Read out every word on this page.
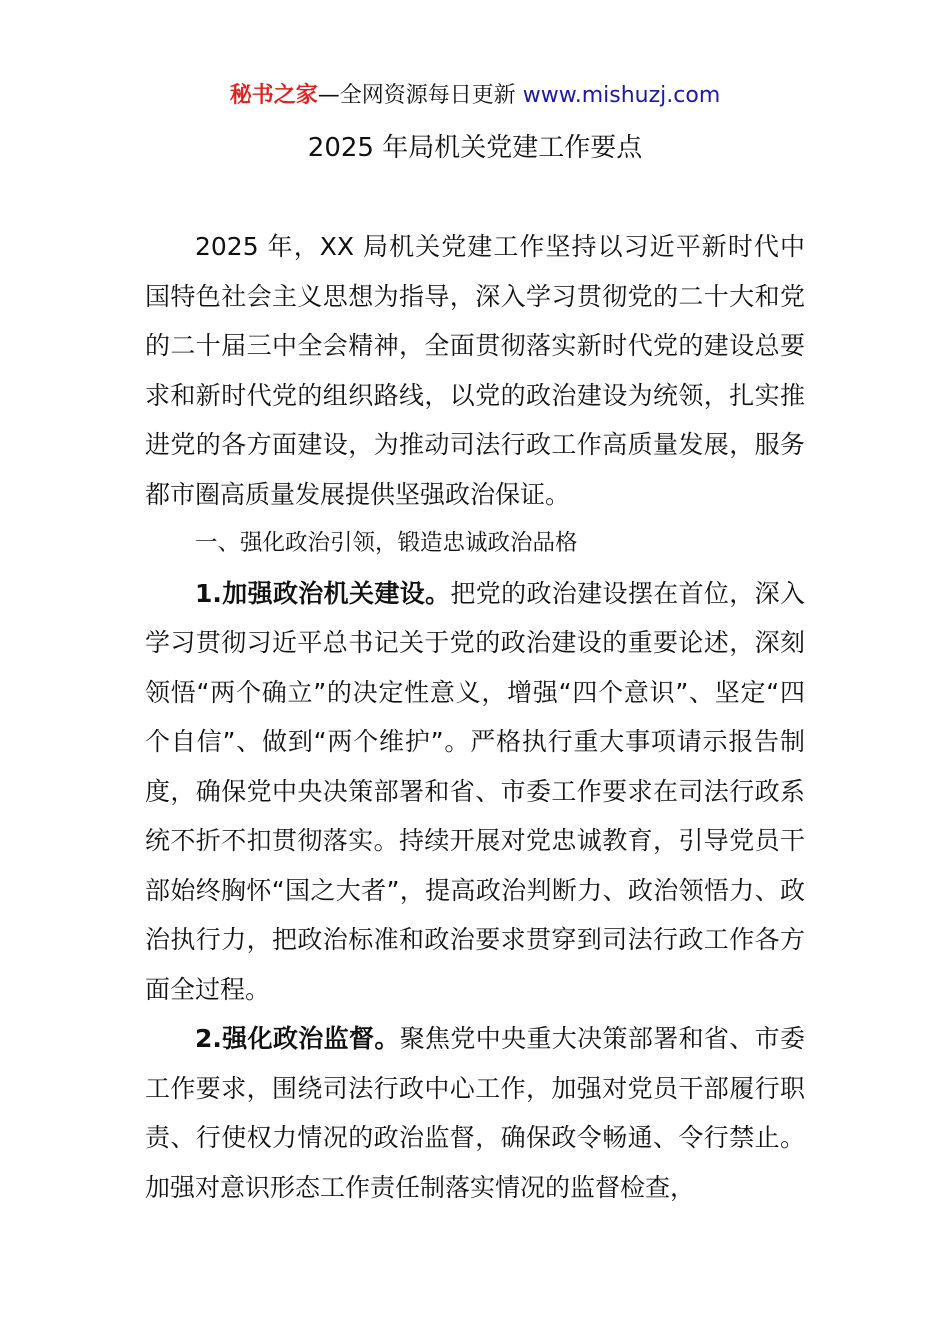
秘书之家—全网资源每日更新 www.mishuzj.com
2025 年局机关党建工作要点

2025 年，XX 局机关党建工作坚持以习近平新时代中国特色社会主义思想为指导，深入学习贯彻党的二十大和党的二十届三中全会精神，全面贯彻落实新时代党的建设总要求和新时代党的组织路线，以党的政治建设为统领，扎实推进党的各方面建设，为推动司法行政工作高质量发展，服务都市圈高质量发展提供坚强政治保证。

一、强化政治引领，锻造忠诚政治品格

1.加强政治机关建设。把党的政治建设摆在首位，深入学习贯彻习近平总书记关于党的政治建设的重要论述，深刻领悟“两个确立”的决定性意义，增强“四个意识”、坚定“四个自信”、做到“两个维护”。严格执行重大事项请示报告制度，确保党中央决策部署和省、市委工作要求在司法行政系统不折不扣贯彻落实。持续开展对党忠诚教育，引导党员干部始终胸怀“国之大者”，提高政治判断力、政治领悟力、政治执行力，把政治标准和政治要求贯穿到司法行政工作各方面全过程。

2.强化政治监督。聚焦党中央重大决策部署和省、市委工作要求，围绕司法行政中心工作，加强对党员干部履行职责、行使权力情况的政治监督，确保政令畅通、令行禁止。加强对意识形态工作责任制落实情况的监督检查，
